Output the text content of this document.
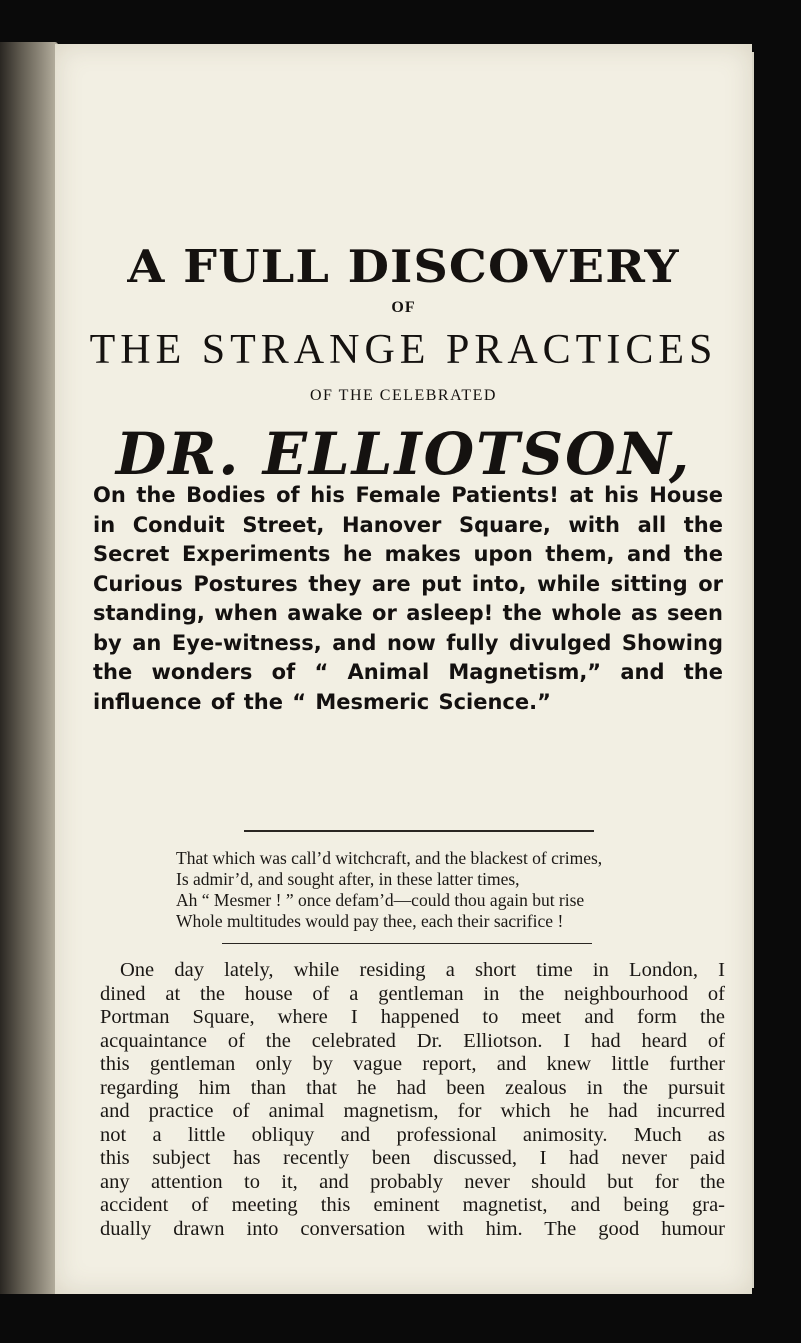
A FULL DISCOVERY
OF
THE STRANGE PRACTICES
OF THE CELEBRATED
DR. ELLIOTSON,
On the Bodies of his Female Patients! at his House in Conduit Street, Hanover Square, with all the Secret Experiments he makes upon them, and the Curious Postures they are put into, while sitting or standing, when awake or asleep! the whole as seen by an Eye-witness, and now fully divulged Showing the wonders of “ Animal Magnetism,” and the influence of the “ Mesmeric Science.”
That which was call’d witchcraft, and the blackest of crimes,
Is admir’d, and sought after, in these latter times,
Ah “ Mesmer ! ” once defam’d—could thou again but rise
Whole multitudes would pay thee, each their sacrifice !
One day lately, while residing a short time in London, I
dined at the house of a gentleman in the neighbourhood of
Portman Square, where I happened to meet and form the
acquaintance of the celebrated Dr. Elliotson. I had heard of
this gentleman only by vague report, and knew little further
regarding him than that he had been zealous in the pursuit
and practice of animal magnetism, for which he had incurred
not a little obliquy and professional animosity. Much as
this subject has recently been discussed, I had never paid
any attention to it, and probably never should but for the
accident of meeting this eminent magnetist, and being gra-
dually drawn into conversation with him. The good humour
